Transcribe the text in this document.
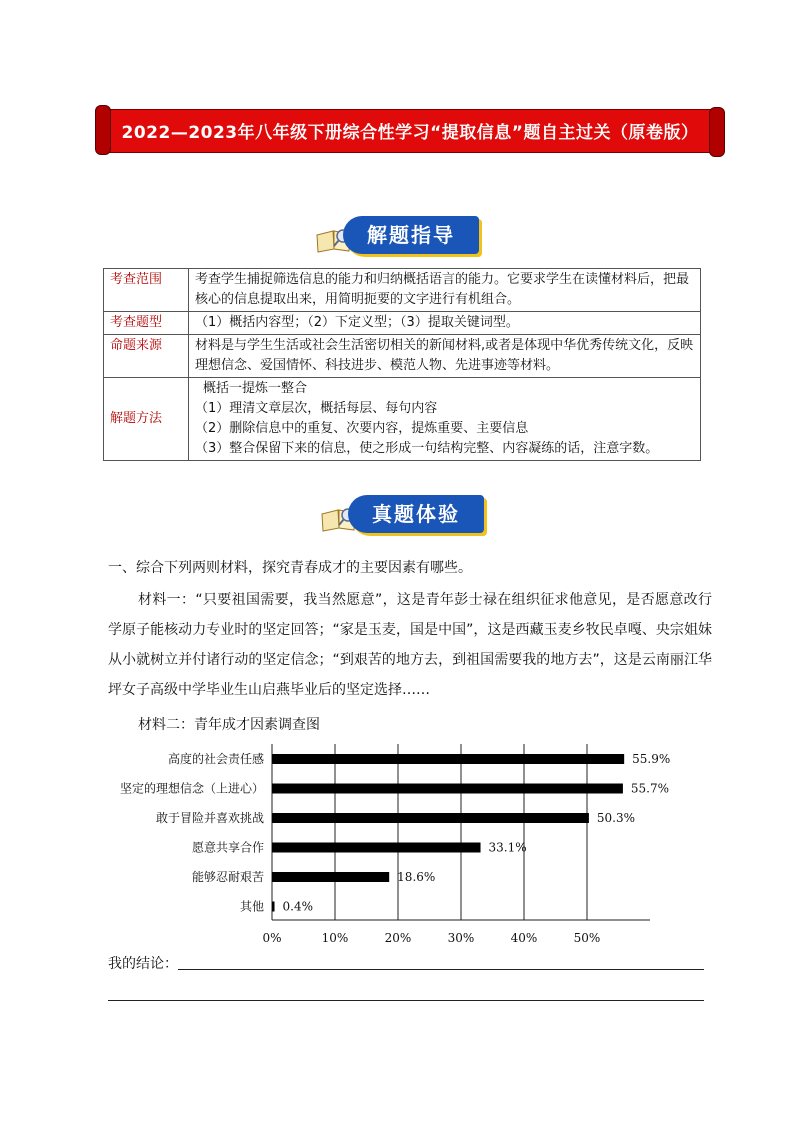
2022—2023年八年级下册综合性学习“提取信息”题自主过关（原卷版）
解题指导
考查范围	考查学生捕捉筛选信息的能力和归纳概括语言的能力。它要求学生在读懂材料后，把最核心的信息提取出来，用简明扼要的文字进行有机组合。
考查题型	（1）概括内容型；（2）下定义型；（3）提取关键词型。
命题来源	材料是与学生生活或社会生活密切相关的新闻材料,或者是体现中华优秀传统文化，反映理想信念、爱国情怀、科技进步、模范人物、先进事迹等材料。
解题方法	概括一提炼一整合
（1）理清文章层次，概括每层、每句内容
（2）删除信息中的重复、次要内容，提炼重要、主要信息
（3）整合保留下来的信息，使之形成一句结构完整、内容凝练的话，注意字数。
真题体验
一、综合下列两则材料，探究青春成才的主要因素有哪些。
材料一：“只要祖国需要，我当然愿意”，这是青年彭士禄在组织征求他意见，是否愿意改行学原子能核动力专业时的坚定回答；“家是玉麦，国是中国”，这是西藏玉麦乡牧民卓嘎、央宗姐妹从小就树立并付诸行动的坚定信念；“到艰苦的地方去，到祖国需要我的地方去”，这是云南丽江华坪女子高级中学毕业生山启燕毕业后的坚定选择……
材料二：青年成才因素调查图
0%	10%	20%	30%	40%	50%
高度的社会责任感	55.9%
坚定的理想信念（上进心）	55.7%
敢于冒险并喜欢挑战	50.3%
愿意共享合作	33.1%
能够忍耐艰苦	18.6%
其他 0.4%
我的结论：
